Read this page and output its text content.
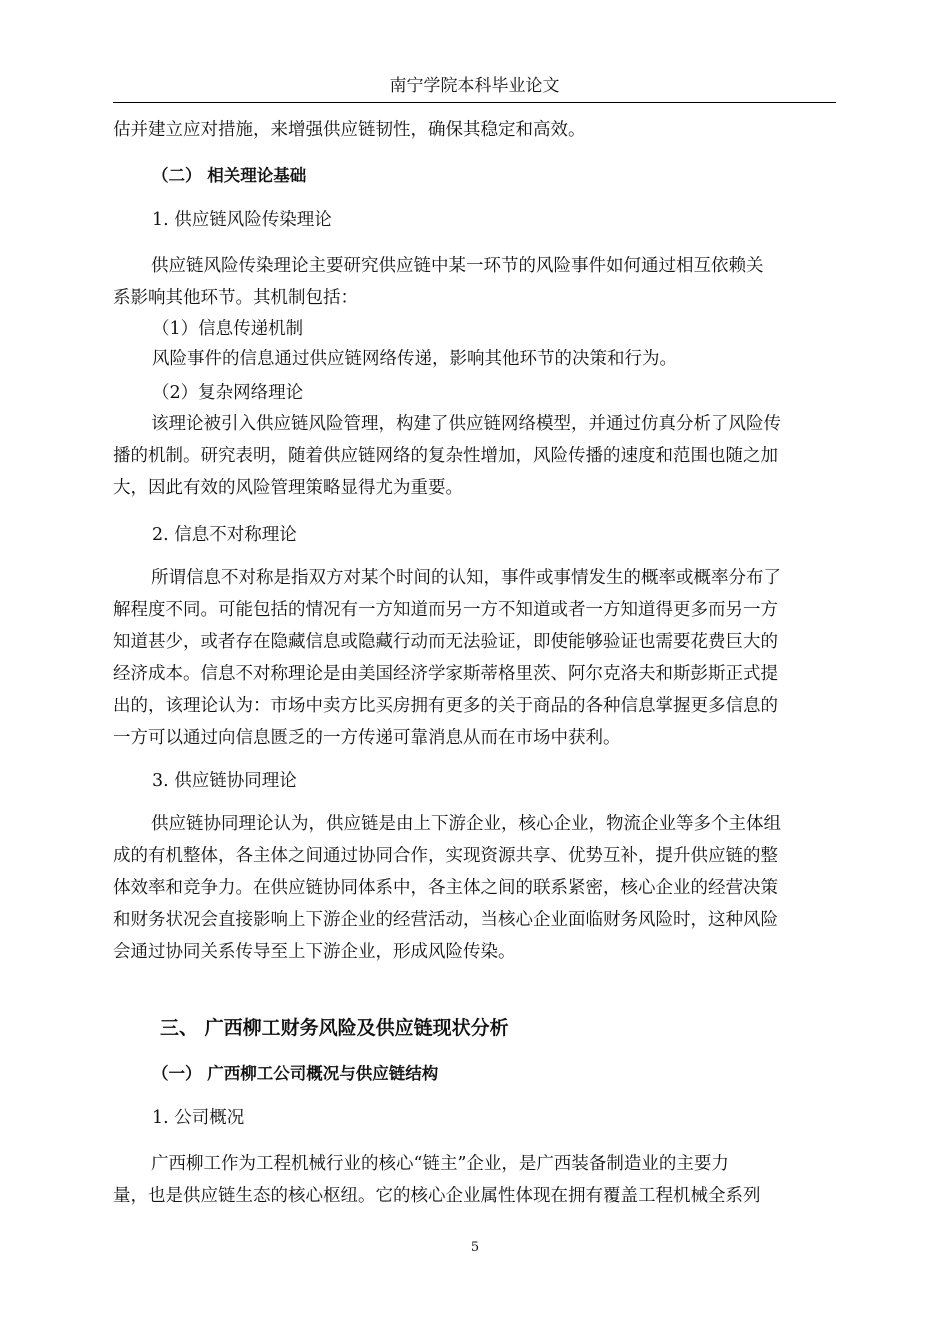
南宁学院本科毕业论文
估并建立应对措施，来增强供应链韧性，确保其稳定和高效。
（二） 相关理论基础
1. 供应链风险传染理论
供应链风险传染理论主要研究供应链中某一环节的风险事件如何通过相互依赖关
系影响其他环节。其机制包括：
（1）信息传递机制
风险事件的信息通过供应链网络传递，影响其他环节的决策和行为。
（2）复杂网络理论
该理论被引入供应链风险管理，构建了供应链网络模型，并通过仿真分析了风险传
播的机制。研究表明，随着供应链网络的复杂性增加，风险传播的速度和范围也随之加
大，因此有效的风险管理策略显得尤为重要。
2. 信息不对称理论
所谓信息不对称是指双方对某个时间的认知，事件或事情发生的概率或概率分布了
解程度不同。可能包括的情况有一方知道而另一方不知道或者一方知道得更多而另一方
知道甚少，或者存在隐藏信息或隐藏行动而无法验证，即使能够验证也需要花费巨大的
经济成本。信息不对称理论是由美国经济学家斯蒂格里茨、阿尔克洛夫和斯彭斯正式提
出的，该理论认为：市场中卖方比买房拥有更多的关于商品的各种信息掌握更多信息的
一方可以通过向信息匮乏的一方传递可靠消息从而在市场中获利。
3. 供应链协同理论
供应链协同理论认为，供应链是由上下游企业，核心企业，物流企业等多个主体组
成的有机整体，各主体之间通过协同合作，实现资源共享、优势互补，提升供应链的整
体效率和竞争力。在供应链协同体系中，各主体之间的联系紧密，核心企业的经营决策
和财务状况会直接影响上下游企业的经营活动，当核心企业面临财务风险时，这种风险
会通过协同关系传导至上下游企业，形成风险传染。
三、 广西柳工财务风险及供应链现状分析
（一） 广西柳工公司概况与供应链结构
1. 公司概况
广西柳工作为工程机械行业的核心“链主”企业，是广西装备制造业的主要力
量，也是供应链生态的核心枢纽。它的核心企业属性体现在拥有覆盖工程机械全系列
5
